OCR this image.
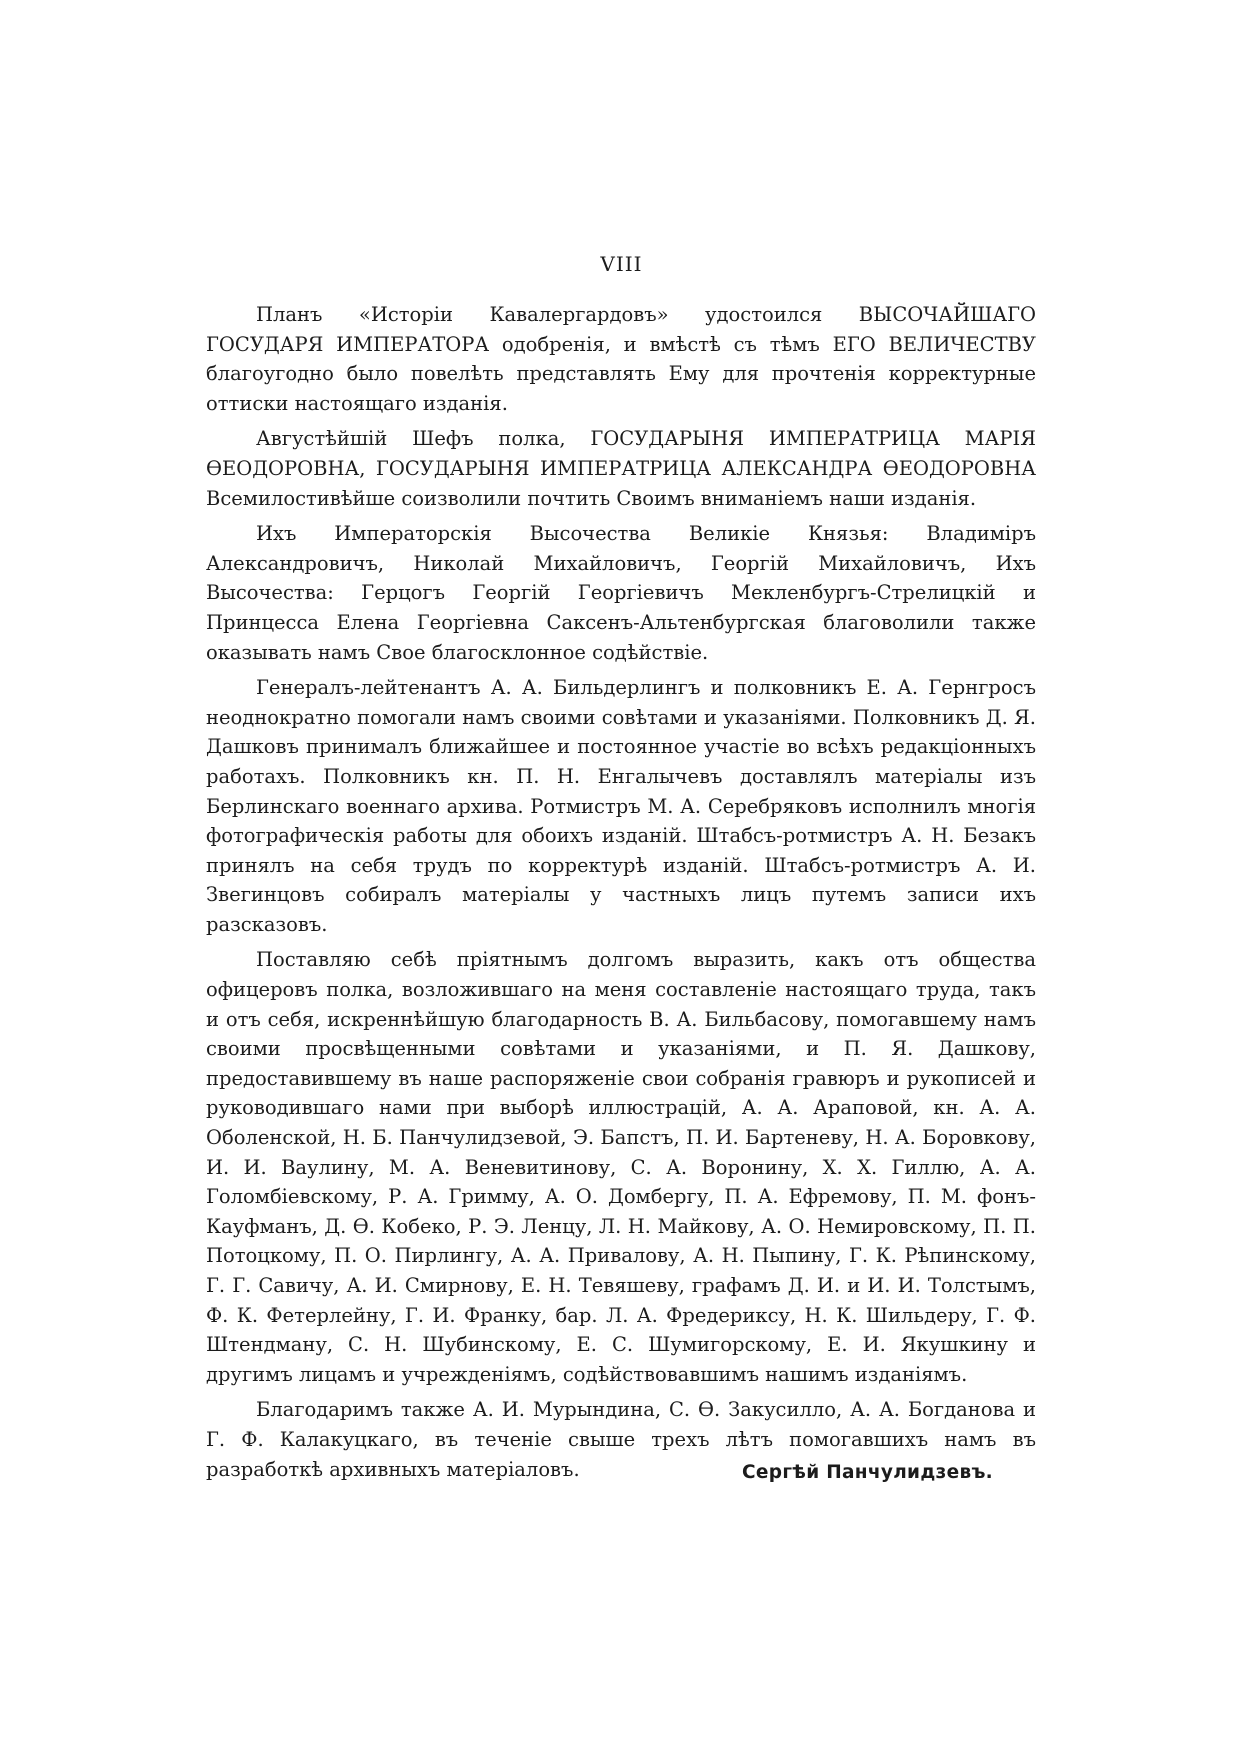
VIII

Планъ «Исторіи Кавалергардовъ» удостоился ВЫСОЧАЙШАГО ГОСУДАРЯ ИМПЕРАТОРА одобренія, и вмѣстѣ съ тѣмъ ЕГО ВЕЛИЧЕСТВУ благоугодно было повелѣть представлять Ему для прочтенія корректурные оттиски настоящаго изданія.

Августѣйшій Шефъ полка, ГОСУДАРЫНЯ ИМПЕРАТРИЦА МАРІЯ ѲЕОДОРОВНА, ГОСУДАРЫНЯ ИМПЕРАТРИЦА АЛЕКСАНДРА ѲЕОДОРОВНА Всемилостивѣйше соизволили почтить Своимъ вниманіемъ наши изданія.

Ихъ Императорскія Высочества Великіе Князья: Владиміръ Александровичъ, Николай Михайловичъ, Георгій Михайловичъ, Ихъ Высочества: Герцогъ Георгій Георгіевичъ Мекленбургъ-Стрелицкій и Принцесса Елена Георгіевна Саксенъ-Альтенбургская благоволили также оказывать намъ Свое благосклонное содѣйствіе.

Генералъ-лейтенантъ А. А. Бильдерлингъ и полковникъ Е. А. Гернгросъ неоднократно помогали намъ своими совѣтами и указаніями. Полковникъ Д. Я. Дашковъ принималъ ближайшее и постоянное участіе во всѣхъ редакціонныхъ работахъ. Полковникъ кн. П. Н. Енгалычевъ доставлялъ матеріалы изъ Берлинскаго военнаго архива. Ротмистръ М. А. Серебряковъ исполнилъ многія фотографическія работы для обоихъ изданій. Штабсъ-ротмистръ А. Н. Безакъ принялъ на себя трудъ по корректурѣ изданій. Штабсъ-ротмистръ А. И. Звегинцовъ собиралъ матеріалы у частныхъ лицъ путемъ записи ихъ разсказовъ.

Поставляю себѣ пріятнымъ долгомъ выразить, какъ отъ общества офицеровъ полка, возложившаго на меня составленіе настоящаго труда, такъ и отъ себя, искреннѣйшую благодарность В. А. Бильбасову, помогавшему намъ своими просвѣщенными совѣтами и указаніями, и П. Я. Дашкову, предоставившему въ наше распоряженіе свои собранія гравюръ и рукописей и руководившаго нами при выборѣ иллюстрацій, А. А. Араповой, кн. А. А. Оболенской, Н. Б. Панчулидзевой, Э. Бапстъ, П. И. Бартеневу, Н. А. Боровкову, И. И. Ваулину, М. А. Веневитинову, С. А. Воронину, Х. Х. Гиллю, А. А. Голомбіевскому, Р. А. Гримму, А. О. Домбергу, П. А. Ефремову, П. М. фонъ-Кауфманъ, Д. Ѳ. Кобеко, Р. Э. Ленцу, Л. Н. Майкову, А. О. Немировскому, П. П. Потоцкому, П. О. Пирлингу, А. А. Привалову, А. Н. Пыпину, Г. К. Рѣпинскому, Г. Г. Савичу, А. И. Смирнову, Е. Н. Тевяшеву, графамъ Д. И. и И. И. Толстымъ, Ф. К. Фетерлейну, Г. И. Франку, бар. Л. А. Фредериксу, Н. К. Шильдеру, Г. Ф. Штендману, С. Н. Шубинскому, Е. С. Шумигорскому, Е. И. Якушкину и другимъ лицамъ и учрежденіямъ, содѣйствовавшимъ нашимъ изданіямъ.

Благодаримъ также А. И. Мурындина, С. Ѳ. Закусилло, А. А. Богданова и Г. Ф. Калакуцкаго, въ теченіе свыше трехъ лѣтъ помогавшихъ намъ въ разработкѣ архивныхъ матеріаловъ.	Сергѣй Панчулидзевъ.
